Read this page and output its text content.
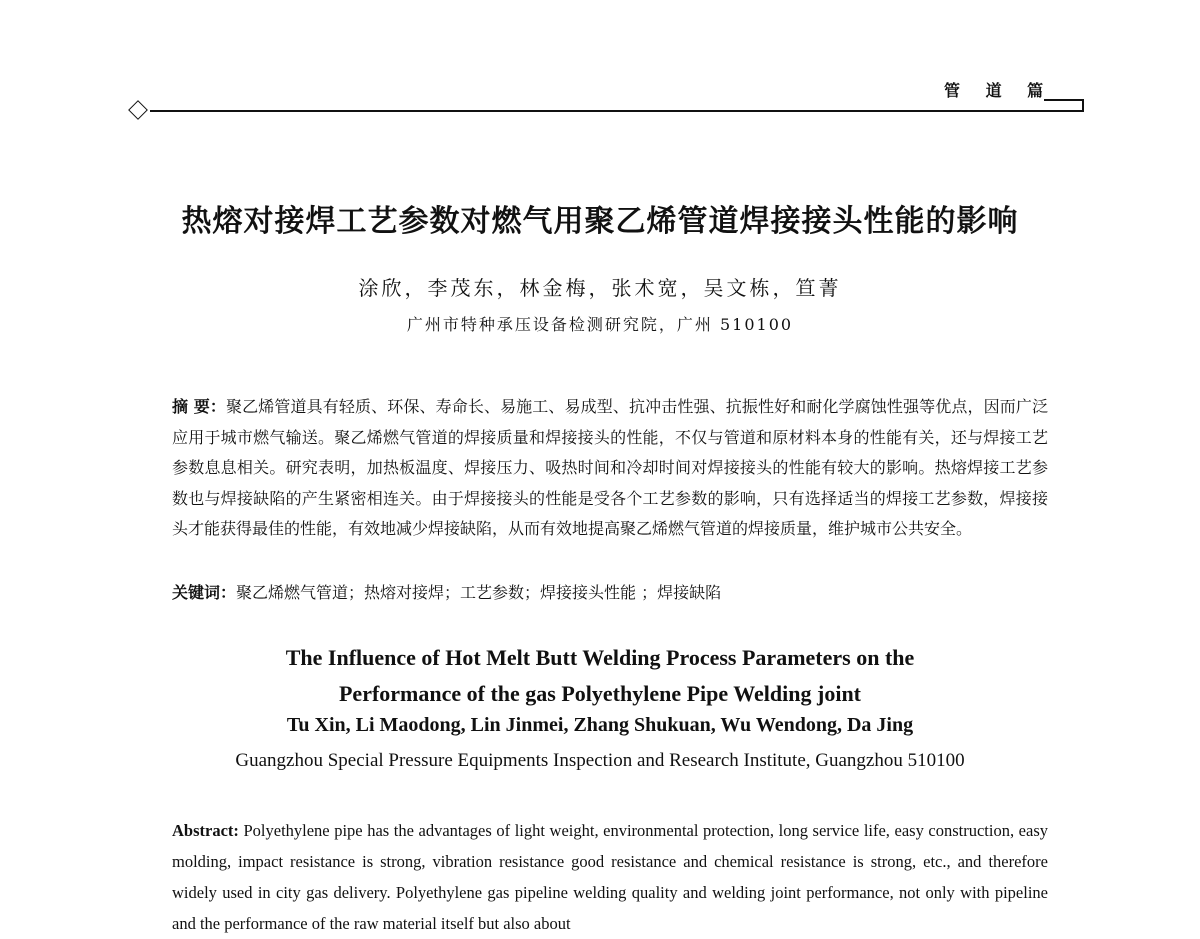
管 道 篇
热熔对接焊工艺参数对燃气用聚乙烯管道焊接接头性能的影响
涂欣，李茂东，林金梅，张术宽，吴文栋，笪菁
广州市特种承压设备检测研究院，广州 510100
摘 要：聚乙烯管道具有轻质、环保、寿命长、易施工、易成型、抗冲击性强、抗振性好和耐化学腐蚀性强等优点，因而广泛应用于城市燃气输送。聚乙烯燃气管道的焊接质量和焊接接头的性能，不仅与管道和原材料本身的性能有关，还与焊接工艺参数息息相关。研究表明，加热板温度、焊接压力、吸热时间和冷却时间对焊接接头的性能有较大的影响。热熔焊接工艺参数也与焊接缺陷的产生紧密相连关。由于焊接接头的性能是受各个工艺参数的影响，只有选择适当的焊接工艺参数，焊接接头才能获得最佳的性能，有效地减少焊接缺陷，从而有效地提高聚乙烯燃气管道的焊接质量，维护城市公共安全。
关键词：聚乙烯燃气管道；热熔对接焊；工艺参数；焊接接头性能 ；焊接缺陷
The Influence of Hot Melt Butt Welding Process Parameters on the
Performance of the gas Polyethylene Pipe Welding joint
Tu Xin, Li Maodong, Lin Jinmei, Zhang Shukuan, Wu Wendong, Da Jing
Guangzhou Special Pressure Equipments Inspection and Research Institute, Guangzhou 510100
Abstract: Polyethylene pipe has the advantages of light weight, environmental protection, long service life, easy construction, easy molding, impact resistance is strong, vibration resistance good resistance and chemical resistance is strong, etc., and therefore widely used in city gas delivery. Polyethylene gas pipeline welding quality and welding joint performance, not only with pipeline and the performance of the raw material itself but also about
